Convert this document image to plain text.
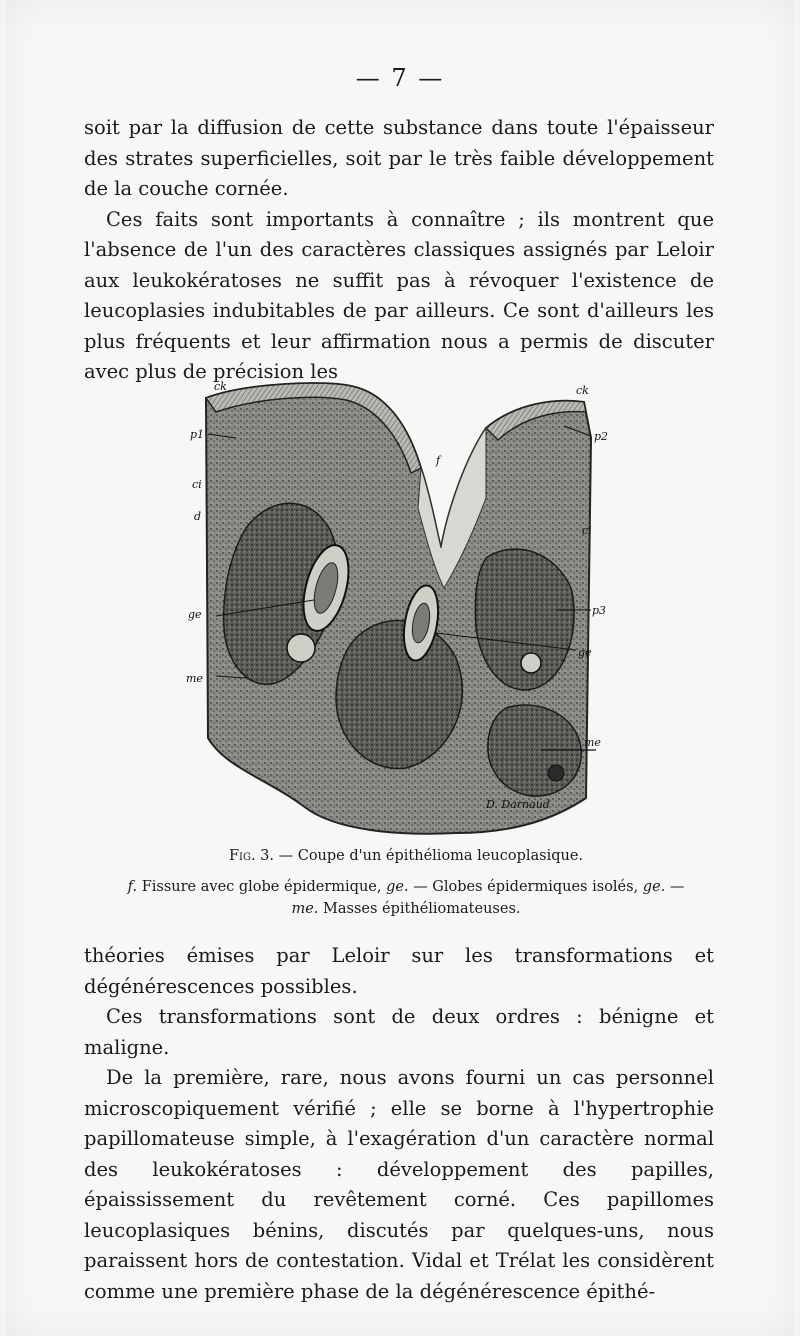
— 7 —

soit par la diffusion de cette substance dans toute l'épaisseur des strates superficielles, soit par le très faible développement de la couche cornée.

Ces faits sont importants à connaître ; ils montrent que l'absence de l'un des caractères classiques assignés par Leloir aux leukokératoses ne suffit pas à révoquer l'existence de leucoplasies indubitables de par ailleurs. Ce sont d'ailleurs les plus fréquents et leur affirmation nous a permis de discuter avec plus de précision les

ck	ck
p1	p2
p3
ci
ci
d
f
ge
ge
me
me
D. Darnaud
Fig. 3. — Coupe d'un épithélioma leucoplasique.
f. Fissure avec globe épidermique, ge. — Globes épidermiques isolés, ge. —
me. Masses épithéliomateuses.

théories émises par Leloir sur les transformations et dégénérescences possibles.

Ces transformations sont de deux ordres : bénigne et maligne.

De la première, rare, nous avons fourni un cas personnel microscopiquement vérifié ; elle se borne à l'hypertrophie papillomateuse simple, à l'exagération d'un caractère normal des leukokératoses : développement des papilles, épaississement du revêtement corné. Ces papillomes leucoplasiques bénins, discutés par quelques-uns, nous paraissent hors de contestation. Vidal et Trélat les considèrent comme une première phase de la dégénérescence épithé-
